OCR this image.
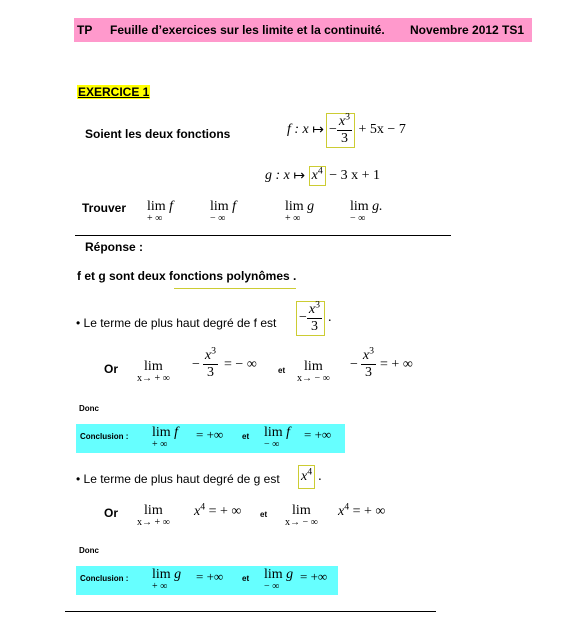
TP Feuille d’exercices sur les limite et la continuité. Novembre 2012 TS1
EXERCICE 1
Soient les deux fonctions	f : x
↦ − $\frac{x^3}{3}$
+ 5x − 7
g : x
↦
$x^4$
− 3 x + 1
Trouver lim f
+ ∞
lim f
− ∞
lim g
+ ∞
lim g.
− ∞
Réponse :
f et g sont deux fonctions polynômes .
• Le terme de plus haut degré de f est − $\frac{x^3}{3}$ .
Or	lim
x→ + ∞
− $\frac{x^3}{3}$ = − ∞	et	lim
x→ − ∞
− $\frac{x^3}{3}$ = + ∞
Donc
Conclusion : lim f
+ ∞
= +∞ et lim f
− ∞
= +∞
• Le terme de plus haut degré de g est $x^4$ .
Or	lim
x→ + ∞
$x^4$ = + ∞ et	lim
x→ − ∞
$x^4$ = + ∞
Donc
Conclusion : lim g
+ ∞
= +∞ et lim g
− ∞
= +∞
